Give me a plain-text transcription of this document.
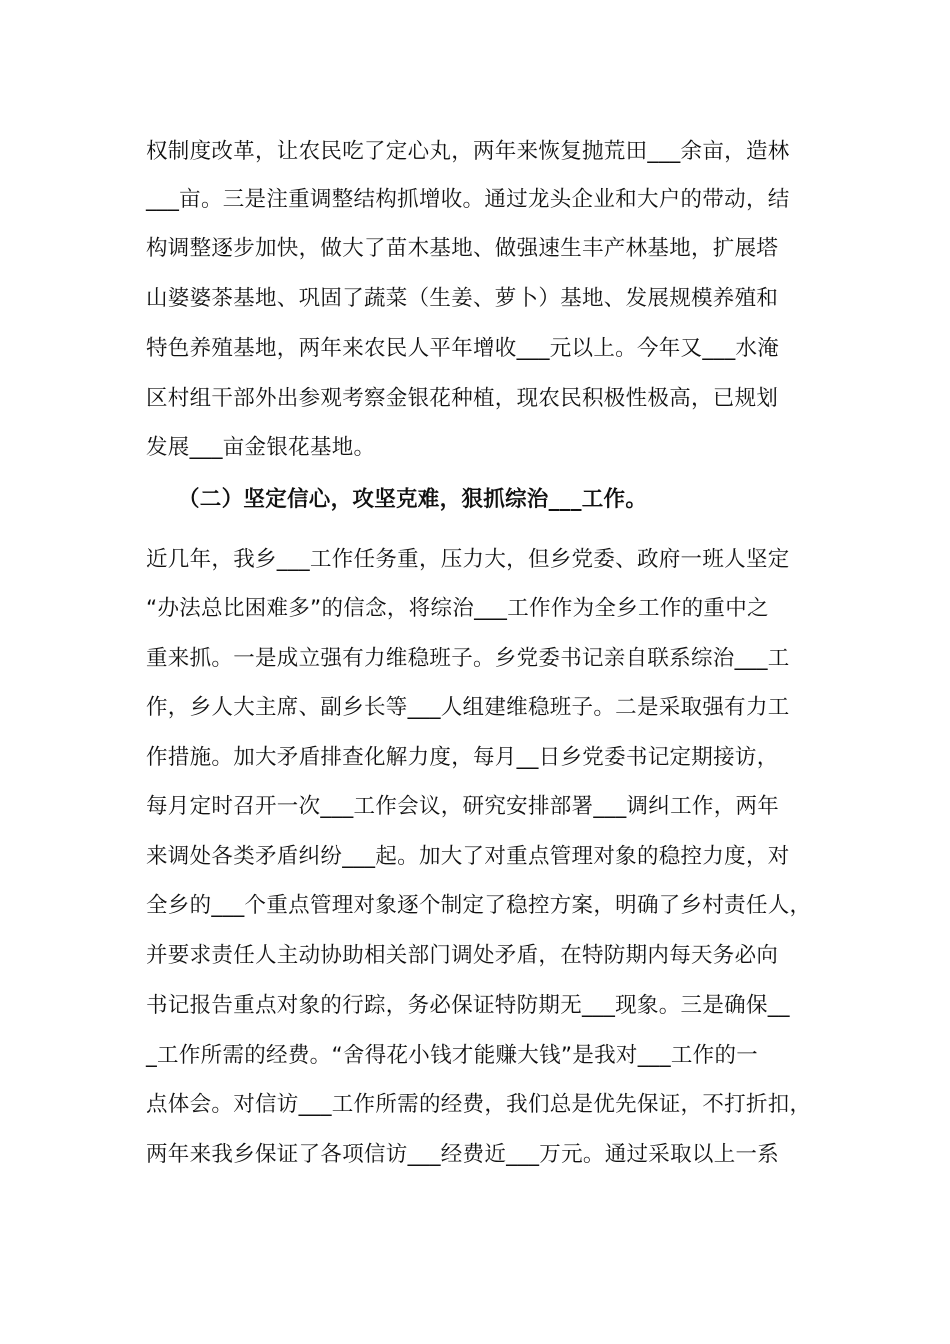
权制度改革，让农民吃了定心丸，两年来恢复抛荒田___余亩，造林
___亩。三是注重调整结构抓增收。通过龙头企业和大户的带动，结
构调整逐步加快，做大了苗木基地、做强速生丰产林基地，扩展塔
山婆婆茶基地、巩固了蔬菜（生姜、萝卜）基地、发展规模养殖和
特色养殖基地，两年来农民人平年增收___元以上。今年又___水淹
区村组干部外出参观考察金银花种植，现农民积极性极高，已规划
发展___亩金银花基地。
（二）坚定信心，攻坚克难，狠抓综治___工作。
近几年，我乡___工作任务重，压力大，但乡党委、政府一班人坚定
“办法总比困难多”的信念，将综治___工作作为全乡工作的重中之
重来抓。一是成立强有力维稳班子。乡党委书记亲自联系综治___工
作，乡人大主席、副乡长等___人组建维稳班子。二是采取强有力工
作措施。加大矛盾排查化解力度，每月__日乡党委书记定期接访，
每月定时召开一次___工作会议，研究安排部署___调纠工作，两年
来调处各类矛盾纠纷___起。加大了对重点管理对象的稳控力度，对
全乡的___个重点管理对象逐个制定了稳控方案，明确了乡村责任人，
并要求责任人主动协助相关部门调处矛盾，在特防期内每天务必向
书记报告重点对象的行踪，务必保证特防期无___现象。三是确保__
_工作所需的经费。“舍得花小钱才能赚大钱”是我对___工作的一
点体会。对信访___工作所需的经费，我们总是优先保证，不打折扣，
两年来我乡保证了各项信访___经费近___万元。通过采取以上一系
